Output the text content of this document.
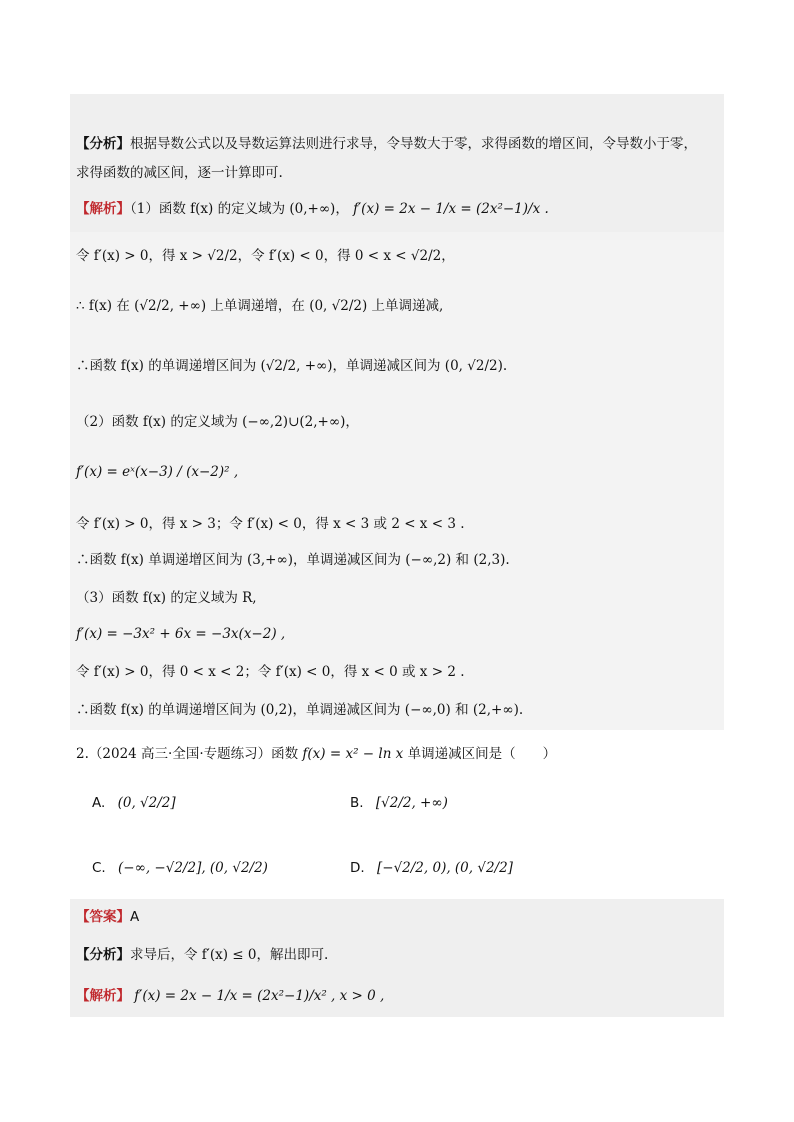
【分析】根据导数公式以及导数运算法则进行求导，令导数大于零，求得函数的增区间，令导数小于零，
求得函数的减区间，逐一计算即可.
【解析】（1）函数 f(x) 的定义域为 (0,+∞)， f′(x) = 2x − 1/x = (2x²−1)/x .
令 f′(x) > 0，得 x > √2/2，令 f′(x) < 0，得 0 < x < √2/2，
∴ f(x) 在 (√2/2, +∞) 上单调递增，在 (0, √2/2) 上单调递减,
∴函数 f(x) 的单调递增区间为 (√2/2, +∞)，单调递减区间为 (0, √2/2).
（2）函数 f(x) 的定义域为 (−∞,2)∪(2,+∞)，
f′(x) = eˣ(x−3) / (x−2)² ,
令 f′(x) > 0，得 x > 3；令 f′(x) < 0，得 x < 3 或 2 < x < 3 .
∴函数 f(x) 单调递增区间为 (3,+∞)，单调递减区间为 (−∞,2) 和 (2,3).
（3）函数 f(x) 的定义域为 R,
f′(x) = −3x² + 6x = −3x(x−2) ,
令 f′(x) > 0，得 0 < x < 2；令 f′(x) < 0，得 x < 0 或 x > 2 .
∴函数 f(x) 的单调递增区间为 (0,2)，单调递减区间为 (−∞,0) 和 (2,+∞).
2.（2024 高三·全国·专题练习）函数 f(x) = x² − ln x 单调递减区间是（　　）
A. (0, √2/2]	B. [√2/2, +∞)
C. (−∞, −√2/2], (0, √2/2)	D. [−√2/2, 0), (0, √2/2]
【答案】A
【分析】求导后，令 f′(x) ≤ 0，解出即可.
【解析】 f′(x) = 2x − 1/x = (2x²−1)/x² , x > 0 ,
